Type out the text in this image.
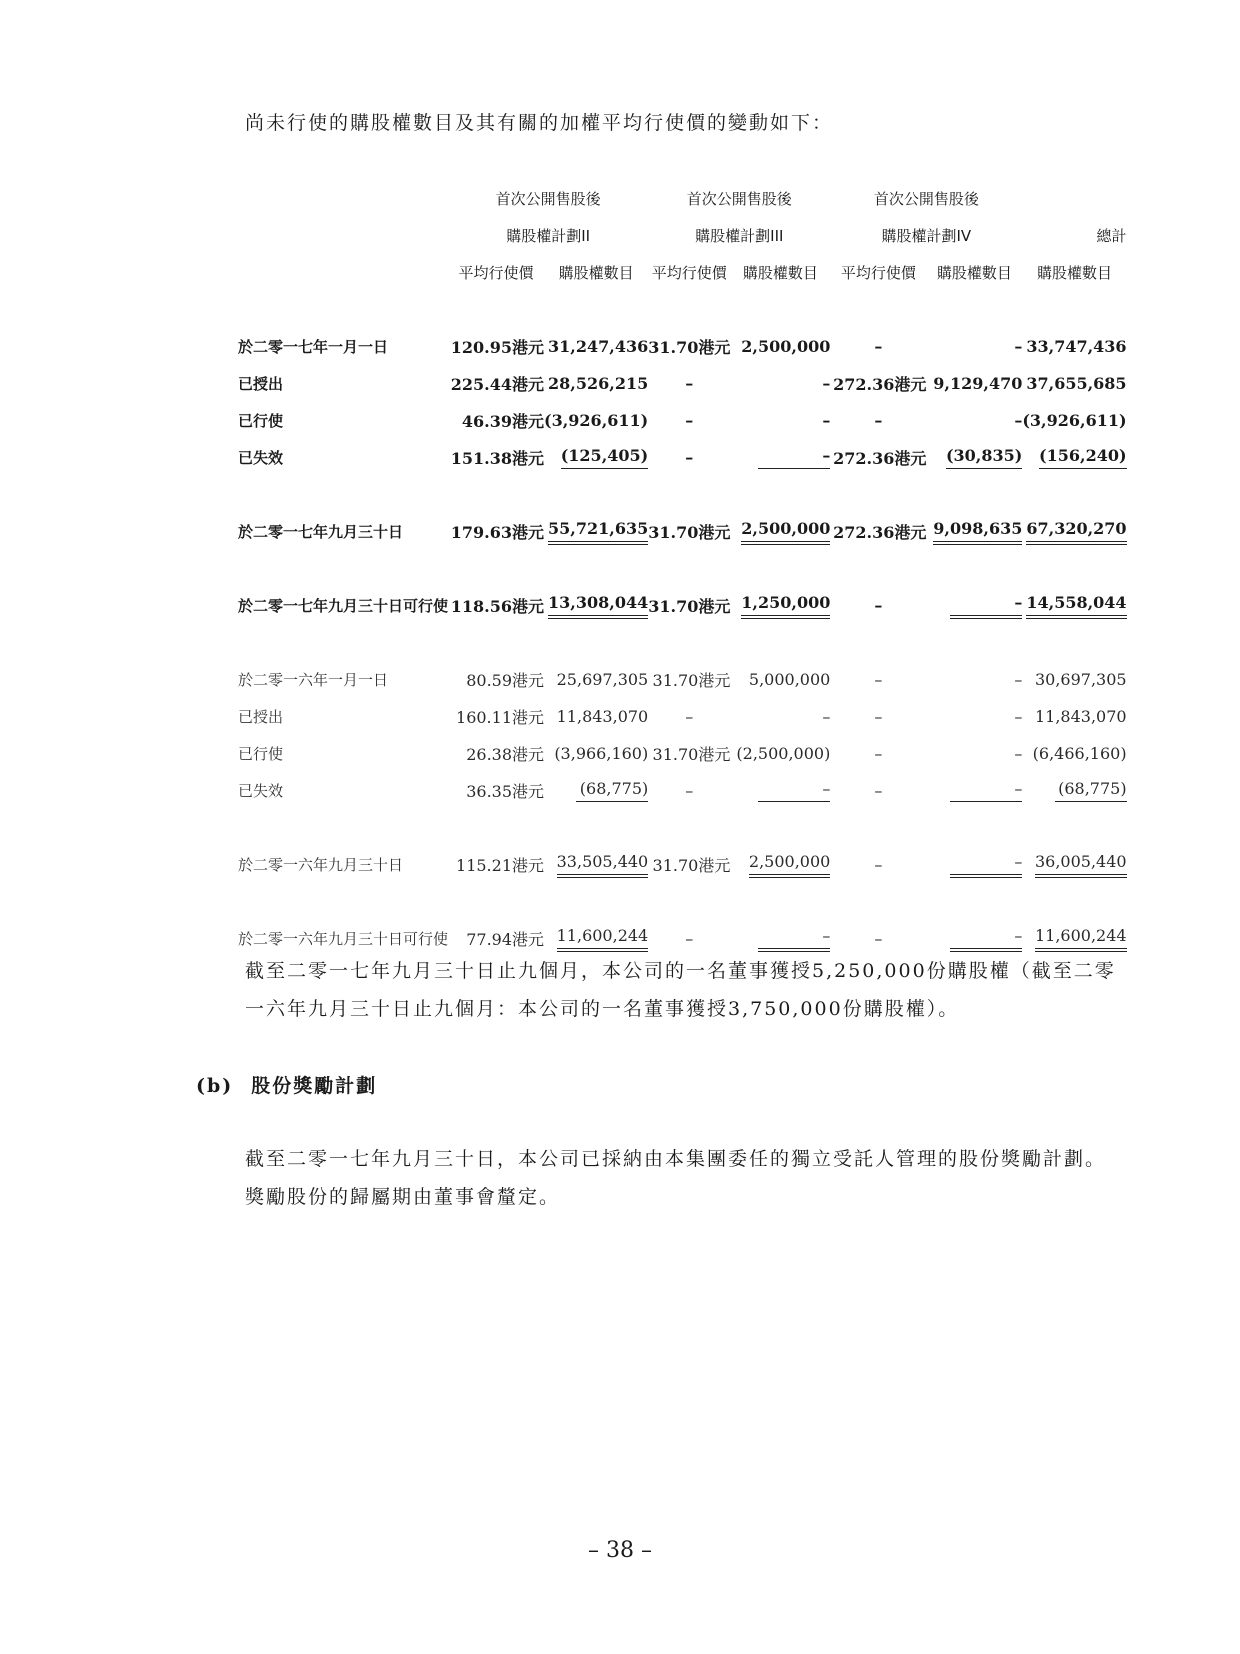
尚未行使的購股權數目及其有關的加權平均行使價的變動如下：
	首次公開售股後		首次公開售股後		首次公開售股後		
	購股權計劃II		購股權計劃III		購股權計劃IV		總計
	平均行使價	購股權數目	平均行使價	購股權數目	平均行使價	購股權數目	購股權數目

於二零一七年一月一日	120.95港元	31,247,436	31.70港元	2,500,000	–	–	33,747,436
已授出	225.44港元	28,526,215	–	–	272.36港元	9,129,470	37,655,685
已行使	46.39港元	(3,926,611)	–	–	–	–	(3,926,611)
已失效	151.38港元	(125,405)	–	–	272.36港元	(30,835)	(156,240)

於二零一七年九月三十日	179.63港元	55,721,635	31.70港元	2,500,000	272.36港元	9,098,635	67,320,270

於二零一七年九月三十日可行使	118.56港元	13,308,044	31.70港元	1,250,000	–	–	14,558,044

於二零一六年一月一日	80.59港元	25,697,305	31.70港元	5,000,000	–	–	30,697,305
已授出	160.11港元	11,843,070	–	–	–	–	11,843,070
已行使	26.38港元	(3,966,160)	31.70港元	(2,500,000)	–	–	(6,466,160)
已失效	36.35港元	(68,775)	–	–	–	–	(68,775)

於二零一六年九月三十日	115.21港元	33,505,440	31.70港元	2,500,000	–	–	36,005,440

於二零一六年九月三十日可行使	77.94港元	11,600,244	–	–	–	–	11,600,244
截至二零一七年九月三十日止九個月，本公司的一名董事獲授5,250,000份購股權（截至二零一六年九月三十日止九個月：本公司的一名董事獲授3,750,000份購股權）。
(b) 股份獎勵計劃
截至二零一七年九月三十日，本公司已採納由本集團委任的獨立受託人管理的股份獎勵計劃。獎勵股份的歸屬期由董事會釐定。
– 38 –
